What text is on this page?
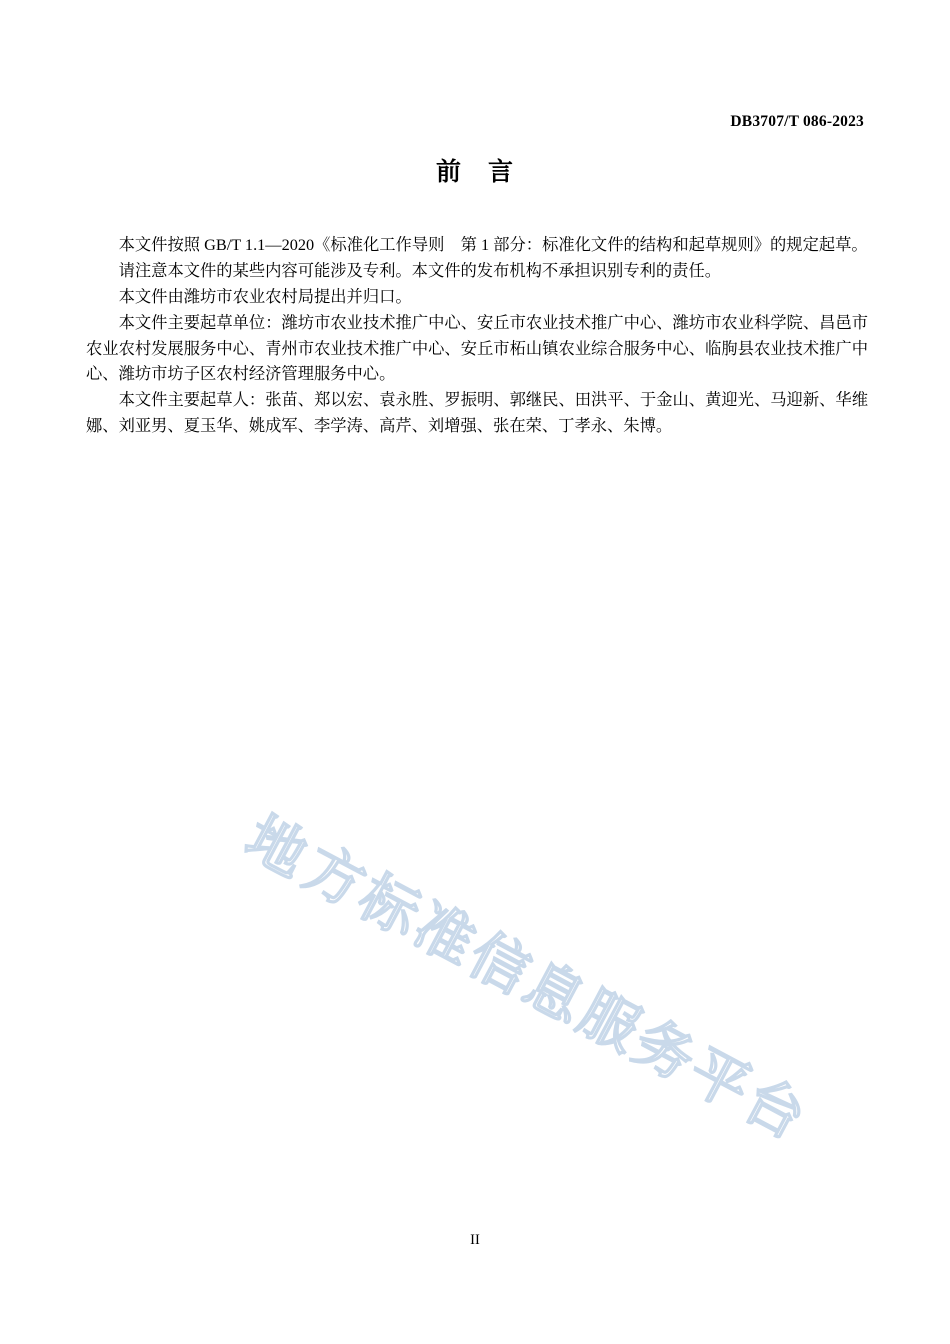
DB3707/T 086-2023
前 言

本文件按照 GB/T 1.1—2020《标准化工作导则　第 1 部分：标准化文件的结构和起草规则》的规定起草。

请注意本文件的某些内容可能涉及专利。本文件的发布机构不承担识别专利的责任。

本文件由潍坊市农业农村局提出并归口。

本文件主要起草单位：潍坊市农业技术推广中心、安丘市农业技术推广中心、潍坊市农业科学院、昌邑市农业农村发展服务中心、青州市农业技术推广中心、安丘市柘山镇农业综合服务中心、临朐县农业技术推广中心、潍坊市坊子区农村经济管理服务中心。

本文件主要起草人：张苗、郑以宏、袁永胜、罗振明、郭继民、田洪平、于金山、黄迎光、马迎新、华维娜、刘亚男、夏玉华、姚成军、李学涛、高芹、刘增强、张在荣、丁孝永、朱博。

地
方
标
准
信
息
服
务
平
台
II
